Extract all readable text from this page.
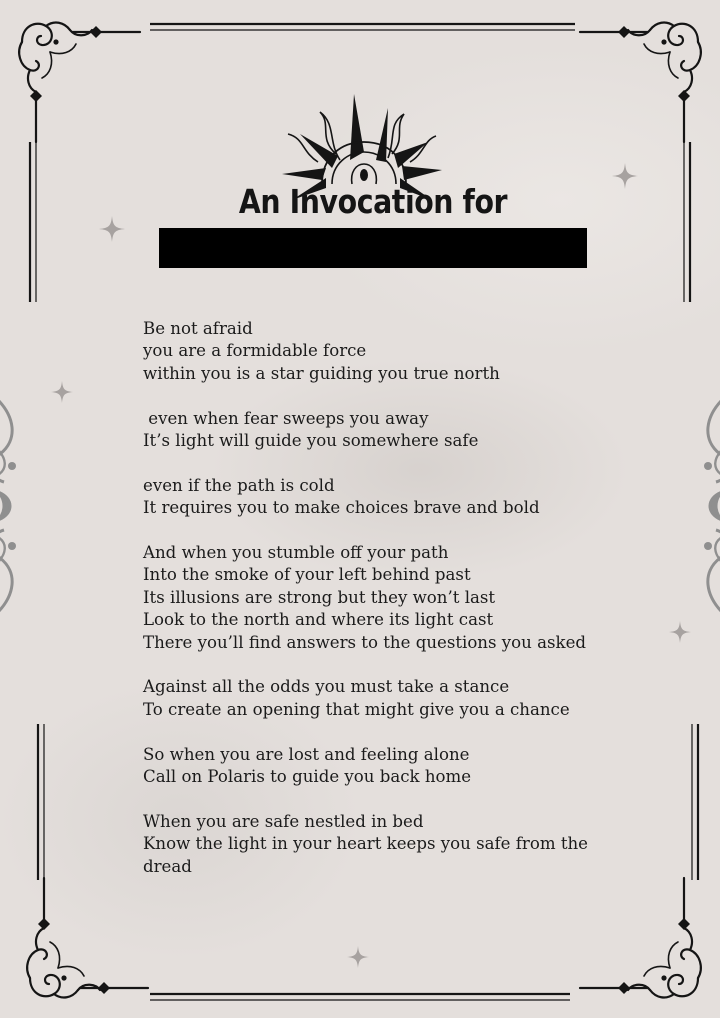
An Invocation for
Be not afraid
you are a formidable force
within you is a star guiding you true north
even when fear sweeps you away
It’s light will guide you somewhere safe
even if the path is cold
It requires you to make choices brave and bold
And when you stumble off your path
Into the smoke of your left behind past
Its illusions are strong but they won’t last
Look to the north and where its light cast
There you’ll find answers to the questions you asked
Against all the odds you must take a stance
To create an opening that might give you a chance
So when you are lost and feeling alone
Call on Polaris to guide you back home
When you are safe nestled in bed
Know the light in your heart keeps you safe from the dread
